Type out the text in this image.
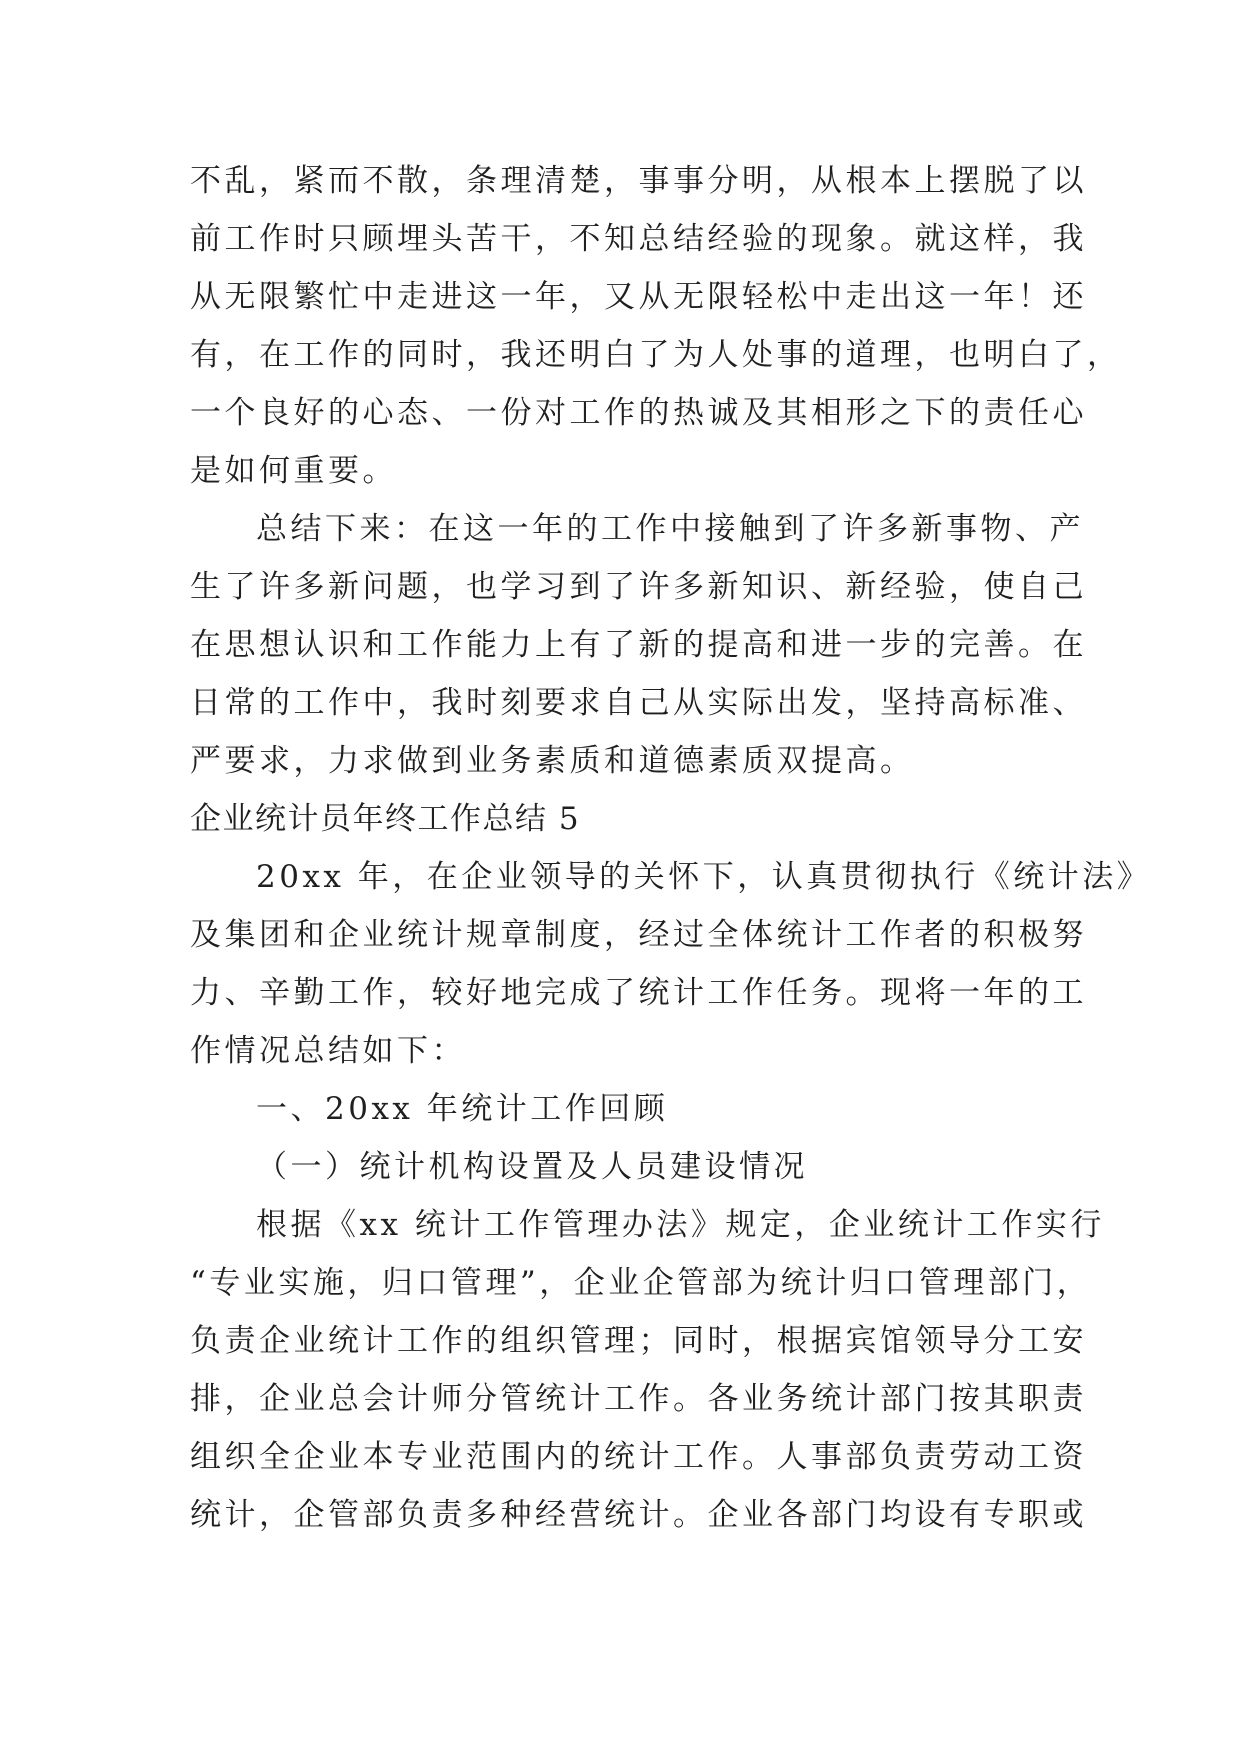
不乱，紧而不散，条理清楚，事事分明，从根本上摆脱了以
前工作时只顾埋头苦干，不知总结经验的现象。就这样，我
从无限繁忙中走进这一年，又从无限轻松中走出这一年！还
有，在工作的同时，我还明白了为人处事的道理，也明白了，
一个良好的心态、一份对工作的热诚及其相形之下的责任心
是如何重要。
总结下来：在这一年的工作中接触到了许多新事物、产
生了许多新问题，也学习到了许多新知识、新经验，使自己
在思想认识和工作能力上有了新的提高和进一步的完善。在
日常的工作中，我时刻要求自己从实际出发，坚持高标准、
严要求，力求做到业务素质和道德素质双提高。
企业统计员年终工作总结 5
20xx 年，在企业领导的关怀下，认真贯彻执行《统计法》
及集团和企业统计规章制度，经过全体统计工作者的积极努
力、辛勤工作，较好地完成了统计工作任务。现将一年的工
作情况总结如下：
一、20xx 年统计工作回顾
（一）统计机构设置及人员建设情况
根据《xx 统计工作管理办法》规定，企业统计工作实行
“专业实施，归口管理”，企业企管部为统计归口管理部门，
负责企业统计工作的组织管理；同时，根据宾馆领导分工安
排，企业总会计师分管统计工作。各业务统计部门按其职责
组织全企业本专业范围内的统计工作。人事部负责劳动工资
统计，企管部负责多种经营统计。企业各部门均设有专职或
